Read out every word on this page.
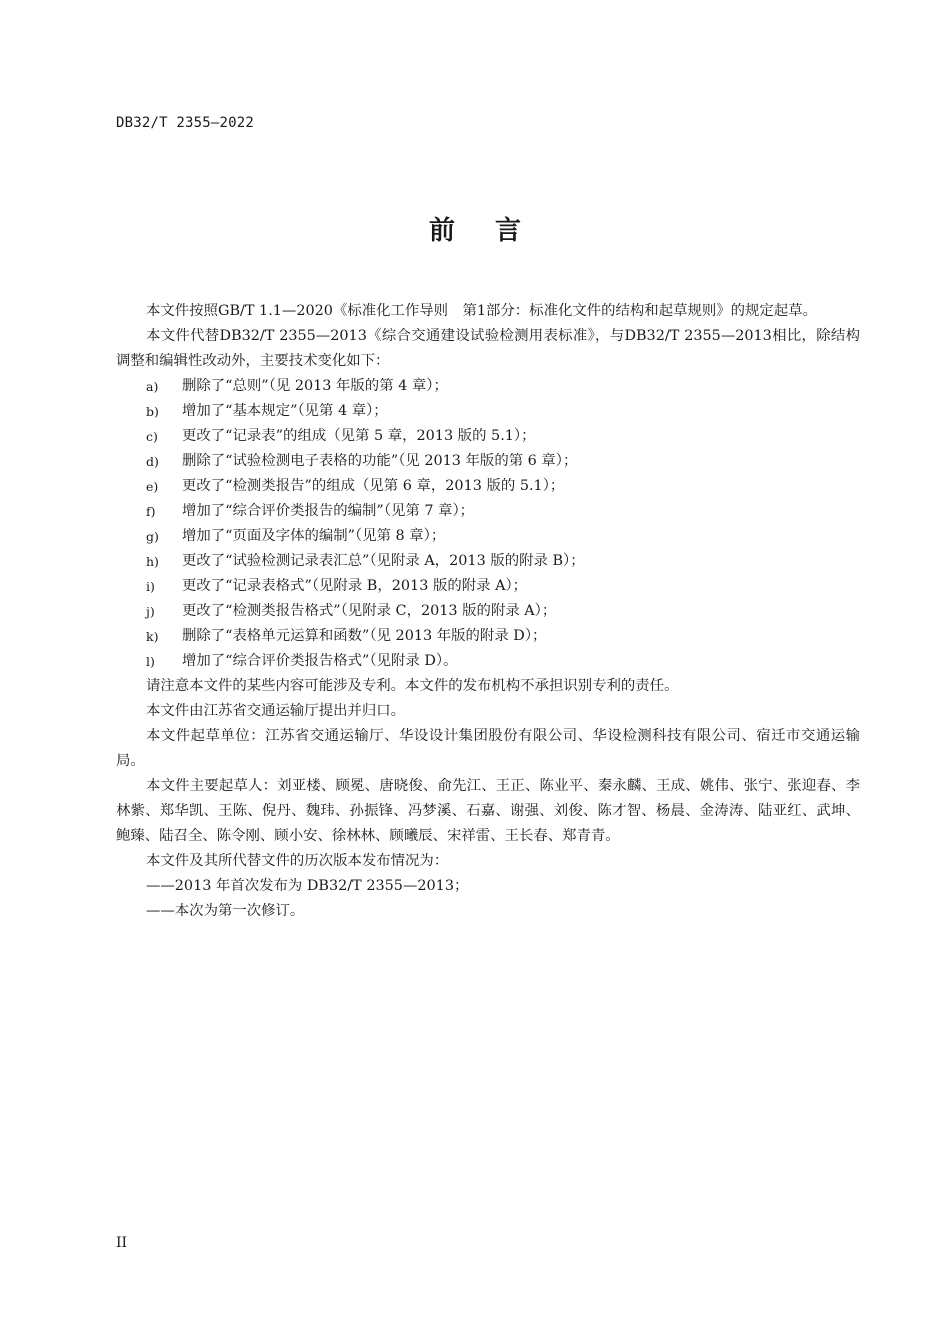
DB32/T 2355—2022
前言

本文件按照GB/T 1.1—2020《标准化工作导则　第1部分：标准化文件的结构和起草规则》的规定起草。

本文件代替DB32/T 2355—2013《综合交通建设试验检测用表标准》，与DB32/T 2355—2013相比，除结构调整和编辑性改动外，主要技术变化如下：

a)	删除了“总则”（见 2013 年版的第 4 章）；
b)	增加了“基本规定”（见第 4 章）；
c)	更改了“记录表”的组成（见第 5 章，2013 版的 5.1）；
d)	删除了“试验检测电子表格的功能”（见 2013 年版的第 6 章）；
e)	更改了“检测类报告”的组成（见第 6 章，2013 版的 5.1）；
f)	增加了“综合评价类报告的编制”（见第 7 章）；
g)	增加了“页面及字体的编制”（见第 8 章）；
h)	更改了“试验检测记录表汇总”（见附录 A，2013 版的附录 B）；
i)	更改了“记录表格式”（见附录 B，2013 版的附录 A）；
j)	更改了“检测类报告格式”（见附录 C，2013 版的附录 A）；
k)	删除了“表格单元运算和函数”（见 2013 年版的附录 D）；
l)	增加了“综合评价类报告格式”（见附录 D）。

请注意本文件的某些内容可能涉及专利。本文件的发布机构不承担识别专利的责任。

本文件由江苏省交通运输厅提出并归口。

本文件起草单位：江苏省交通运输厅、华设设计集团股份有限公司、华设检测科技有限公司、宿迁市交通运输局。

本文件主要起草人：刘亚楼、顾冕、唐晓俊、俞先江、王正、陈业平、秦永麟、王成、姚伟、张宁、张迎春、李林紫、郑华凯、王陈、倪丹、魏玮、孙振锋、冯梦溪、石嘉、谢强、刘俊、陈才智、杨晨、金涛涛、陆亚红、武坤、鲍臻、陆召全、陈令刚、顾小安、徐林林、顾曦辰、宋祥雷、王长春、郑青青。

本文件及其所代替文件的历次版本发布情况为：

——2013 年首次发布为 DB32/T 2355—2013；

——本次为第一次修订。

II
